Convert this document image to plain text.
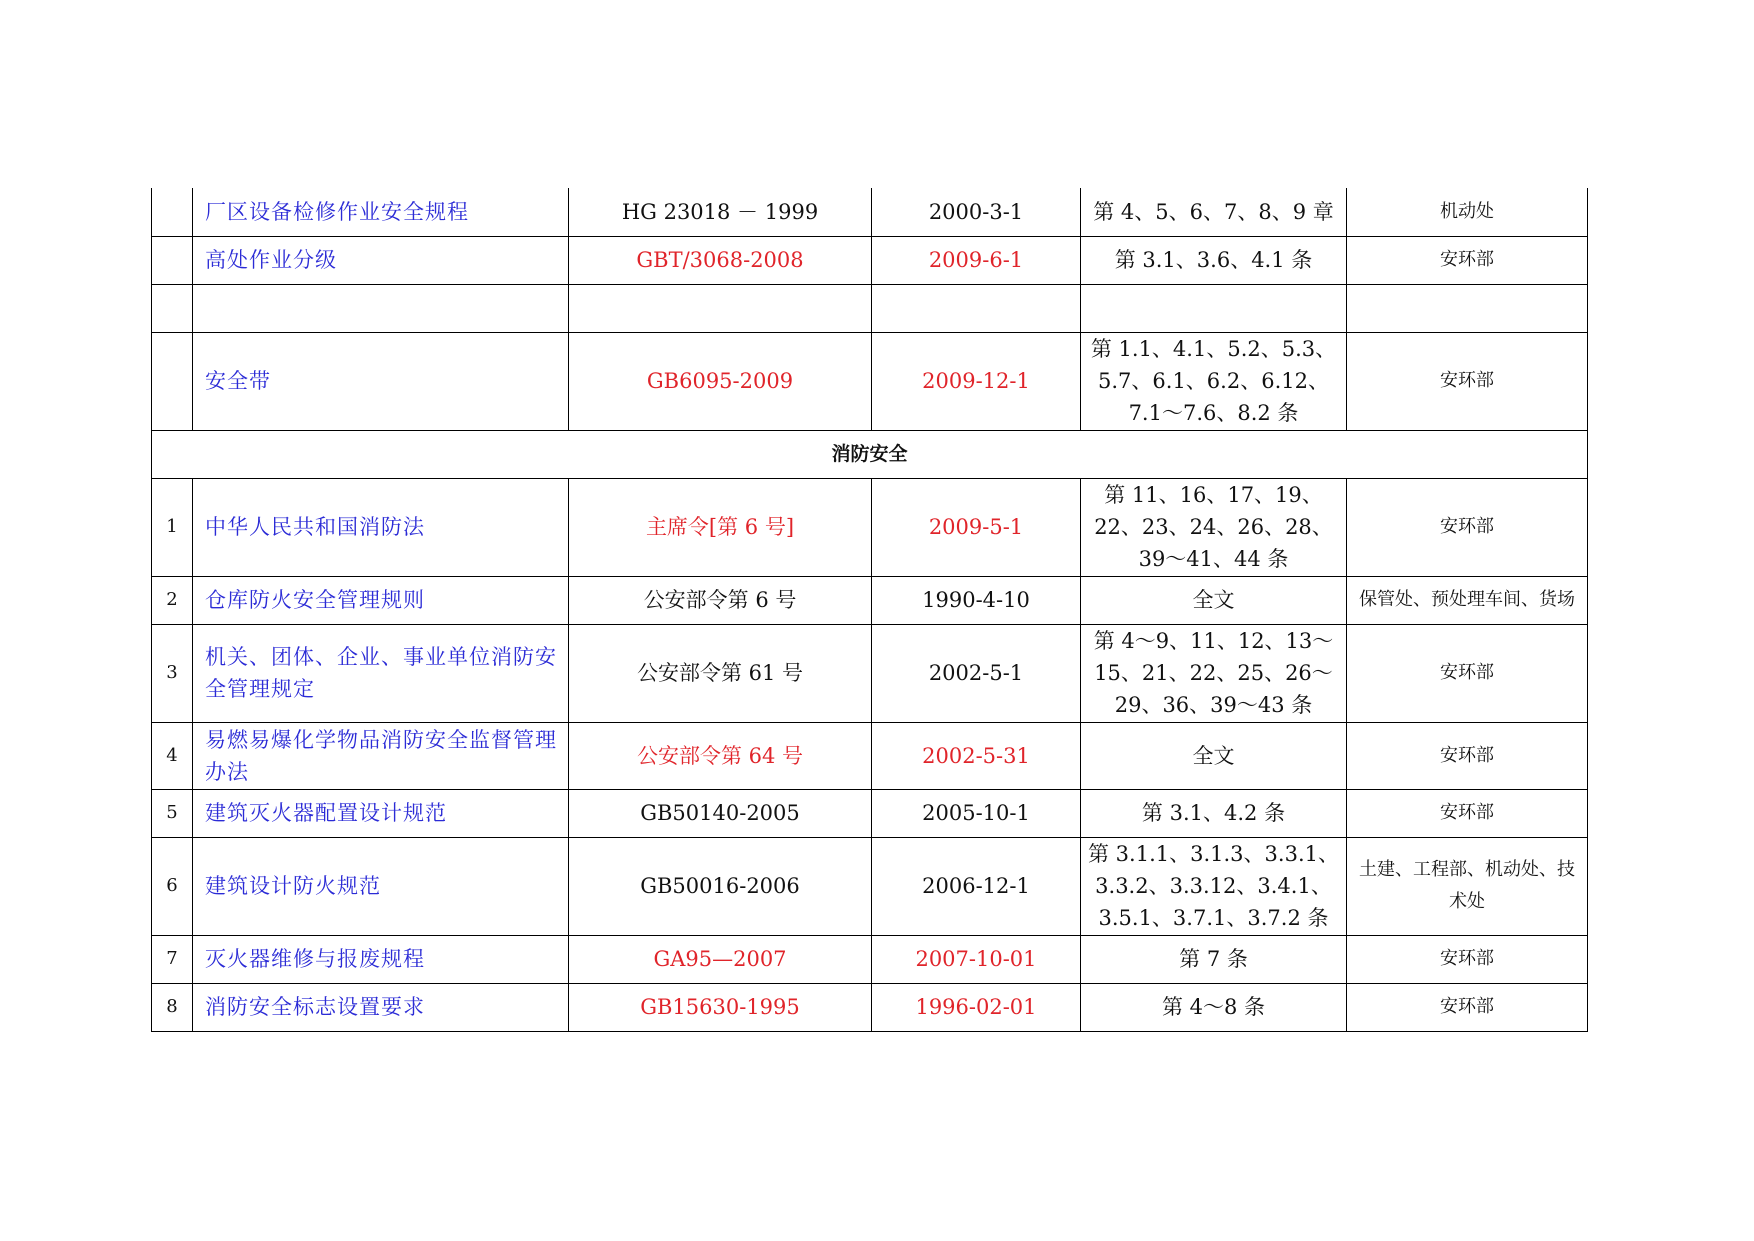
	厂区设备检修作业安全规程	HG 23018 － 1999	2000-3-1	第 4、5、6、7、8、9 章	机动处
	高处作业分级	GBT/3068-2008	2009-6-1	第 3.1、3.6、4.1 条	安环部

	安全带	GB6095-2009	2009-12-1	第 1.1、4.1、5.2、5.3、5.7、6.1、6.2、6.12、7.1～7.6、8.2 条	安环部
消防安全					
1	中华人民共和国消防法	主席令[第 6 号]	2009-5-1	第 11、16、17、19、22、23、24、26、28、39～41、44 条	安环部
2	仓库防火安全管理规则	公安部令第 6 号	1990-4-10	全文	保管处、预处理车间、货场
3	机关、团体、企业、事业单位消防安全管理规定	公安部令第 61 号	2002-5-1	第 4～9、11、12、13～15、21、22、25、26～29、36、39～43 条	安环部
4	易燃易爆化学物品消防安全监督管理办法	公安部令第 64 号	2002-5-31	全文	安环部
5	建筑灭火器配置设计规范	GB50140-2005	2005-10-1	第 3.1、4.2 条	安环部
6	建筑设计防火规范	GB50016-2006	2006-12-1	第 3.1.1、3.1.3、3.3.1、3.3.2、3.3.12、3.4.1、3.5.1、3.7.1、3.7.2 条	土建、工程部、机动处、技术处
7	灭火器维修与报废规程	GA95—2007	2007-10-01	第 7 条	安环部
8	消防安全标志设置要求	GB15630-1995	1996-02-01	第 4～8 条	安环部
